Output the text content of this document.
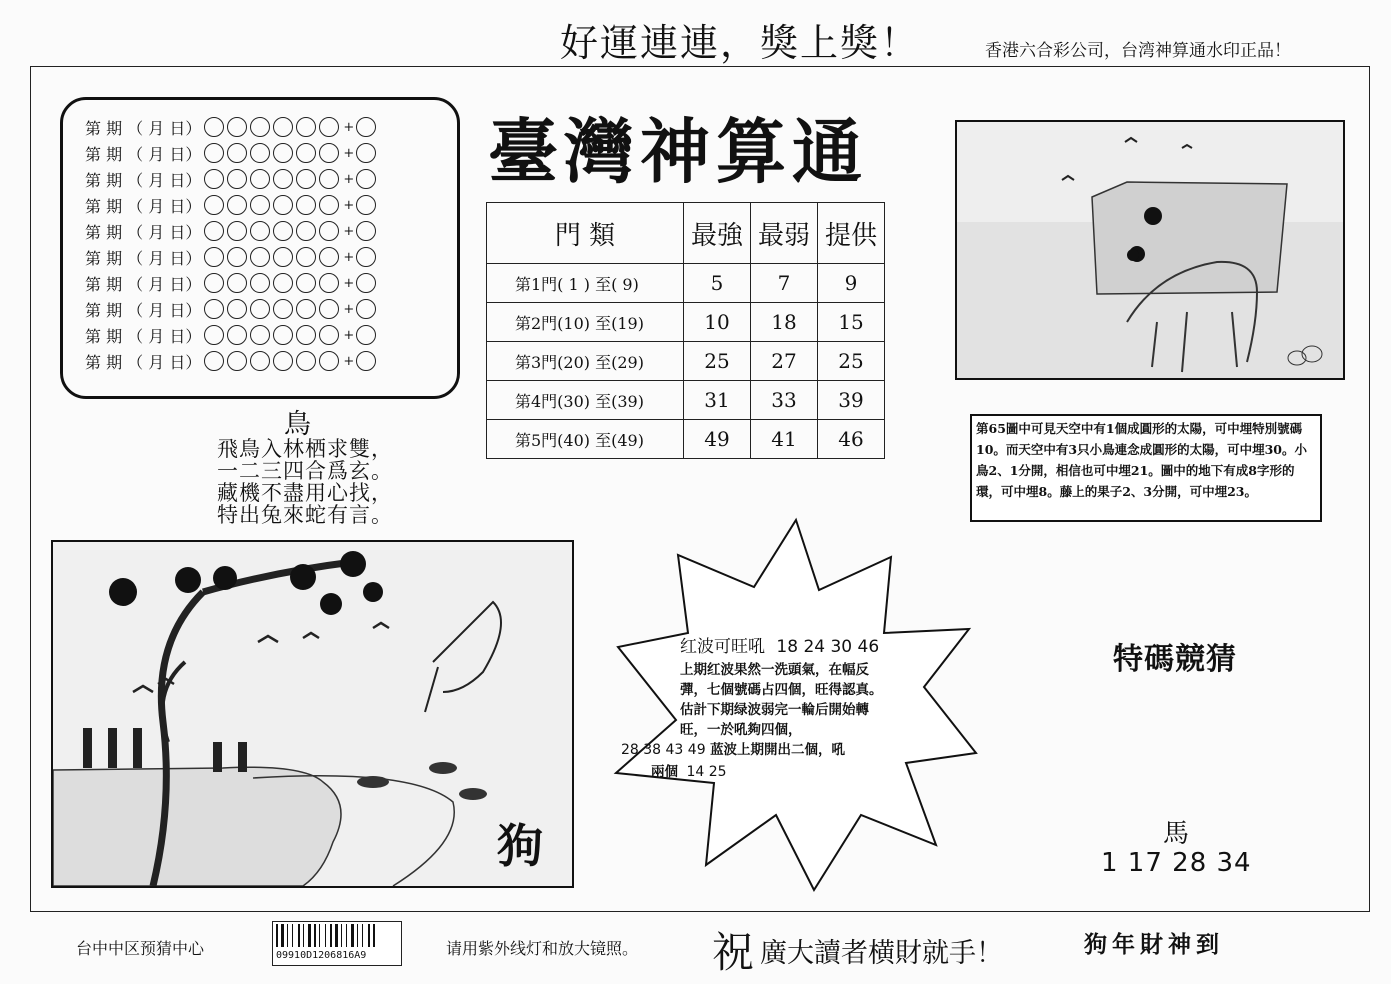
好運連連，獎上獎！	香港六合彩公司，台湾神算通水印正品！
第 期 （ 月 日）	+
第 期 （ 月 日）	+
第 期 （ 月 日）	+
第 期 （ 月 日）	+
第 期 （ 月 日）	+
第 期 （ 月 日）	+
第 期 （ 月 日）	+
第 期 （ 月 日）	+
第 期 （ 月 日）	+
第 期 （ 月 日）	+
臺灣神算通
門 類	最強	最弱	提供
第1門( 1 ) 至( 9)	5	7	9
第2門(10) 至(19)	10	18	15
第3門(20) 至(29)	25	27	25
第4門(30) 至(39)	31	33	39
第5門(40) 至(49)	49	41	46
鳥
飛鳥入林栖求雙，
一二三四合爲玄。
藏機不盡用心找，
特出兔來蛇有言。
狗
第65圖中可見天空中有1個成圓形的太陽，可中埋特別號碼10。而天空中有3只小鳥連念成圓形的太陽，可中埋30。小鳥2、1分開，相信也可中埋21。圖中的地下有成8字形的環，可中埋8。藤上的果子2、3分開，可中埋23。
红波可旺吼 18 24 30 46
上期红波果然一洗頭氣，在幅反彈，七個號碼占四個，旺得認真。估計下期绿波弱完一輪后開始轉旺，一於吼夠四個，
28 38 43 49 蓝波上期開出二個，吼
兩個 14 25
特碼競猜
馬
1 17 28 34
台中中区预猜中心	09910D1206816A9	请用紫外线灯和放大镜照。 祝 廣大讀者横財就手！	狗年財神到
